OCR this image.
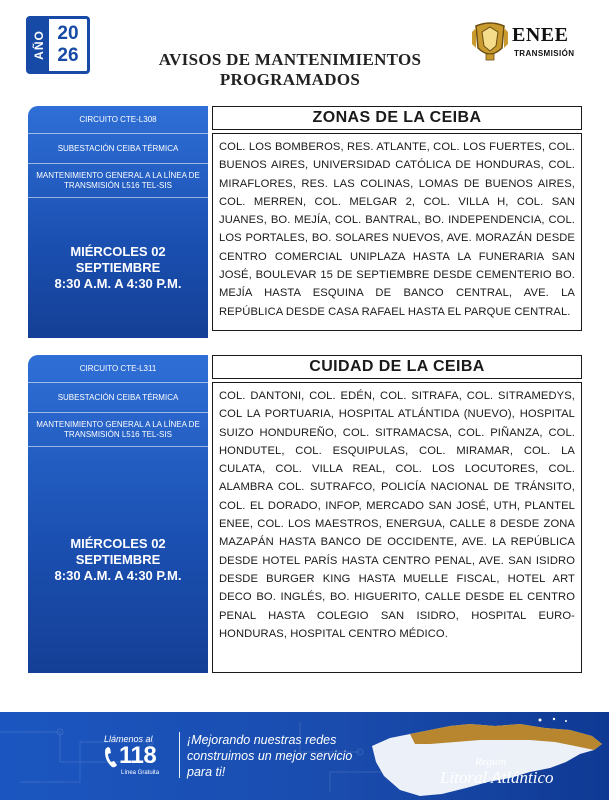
AÑO 20
26	AVISOS DE MANTENIMIENTOS
PROGRAMADOS
ENEE
TRANSMISIÓN
CIRCUITO CTE-L308
SUBESTACIÓN CEIBA TÉRMICA
MANTENIMIENTO GENERAL A LA LÍNEA DE TRANSMISIÓN L516 TEL-SIS
MIÉRCOLES 02 SEPTIEMBRE
8:30 A.M. A 4:30 P.M.
ZONAS DE LA CEIBA
COL. LOS BOMBEROS, RES. ATLANTE, COL. LOS FUERTES, COL. BUENOS AIRES, UNIVERSIDAD CATÓLICA DE HONDURAS, COL. MIRAFLORES, RES. LAS COLINAS, LOMAS DE BUENOS AIRES, COL. MERREN, COL. MELGAR 2, COL. VILLA H, COL. SAN JUANES, BO. MEJÍA, COL. BANTRAL, BO. INDEPENDENCIA, COL. LOS PORTALES, BO. SOLARES NUEVOS, AVE. MORAZÁN DESDE CENTRO COMERCIAL UNIPLAZA HASTA LA FUNERARIA SAN JOSÉ, BOULEVAR 15 DE SEPTIEMBRE DESDE CEMENTERIO BO. MEJÍA HASTA ESQUINA DE BANCO CENTRAL, AVE. LA REPÚBLICA DESDE CASA RAFAEL HASTA EL PARQUE CENTRAL.
CIRCUITO CTE-L311
SUBESTACIÓN CEIBA TÉRMICA
MANTENIMIENTO GENERAL A LA LÍNEA DE TRANSMISIÓN L516 TEL-SIS
MIÉRCOLES 02 SEPTIEMBRE
8:30 A.M. A 4:30 P.M.
CUIDAD DE LA CEIBA
COL. DANTONI, COL. EDÉN, COL. SITRAFA, COL. SITRAMEDYS, COL LA PORTUARIA, HOSPITAL ATLÁNTIDA (NUEVO), HOSPITAL SUIZO HONDUREÑO, COL. SITRAMACSA, COL. PIÑANZA, COL. HONDUTEL, COL. ESQUIPULAS, COL. MIRAMAR, COL. LA CULATA, COL. VILLA REAL, COL. LOS LOCUTORES, COL. ALAMBRA COL. SUTRAFCO, POLICÍA NACIONAL DE TRÁNSITO, COL. EL DORADO, INFOP, MERCADO SAN JOSÉ, UTH, PLANTEL ENEE, COL. LOS MAESTROS, ENERGUA, CALLE 8 DESDE ZONA MAZAPÁN HASTA BANCO DE OCCIDENTE, AVE. LA REPÚBLICA DESDE HOTEL PARÍS HASTA CENTRO PENAL, AVE. SAN ISIDRO DESDE BURGER KING HASTA MUELLE FISCAL, HOTEL ART DECO BO. INGLÉS, BO. HIGUERITO, CALLE DESDE EL CENTRO PENAL HASTA COLEGIO SAN ISIDRO, HOSPITAL EURO-HONDURAS, HOSPITAL CENTRO MÉDICO.
Llámenos al
118
Línea Gratuita
¡Mejorando nuestras redes construimos un mejor servicio para ti!
Región
Litoral Atlántico
